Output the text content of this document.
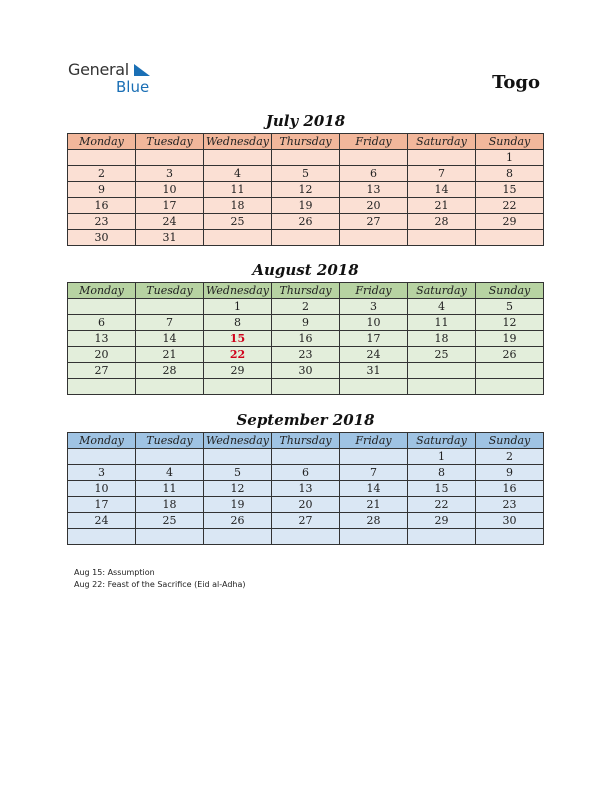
General
Blue	Togo
July 2018
Monday	Tuesday	Wednesday	Thursday	Friday	Saturday	Sunday
						1
2	3	4	5	6	7	8
9	10	11	12	13	14	15
16	17	18	19	20	21	22
23	24	25	26	27	28	29
30	31					
August 2018
Monday	Tuesday	Wednesday	Thursday	Friday	Saturday	Sunday
		1	2	3	4	5
6	7	8	9	10	11	12
13	14	15	16	17	18	19
20	21	22	23	24	25	26
27	28	29	30	31		

September 2018
Monday	Tuesday	Wednesday	Thursday	Friday	Saturday	Sunday
					1	2
3	4	5	6	7	8	9
10	11	12	13	14	15	16
17	18	19	20	21	22	23
24	25	26	27	28	29	30

Aug 15: Assumption
Aug 22: Feast of the Sacrifice (Eid al-Adha)
